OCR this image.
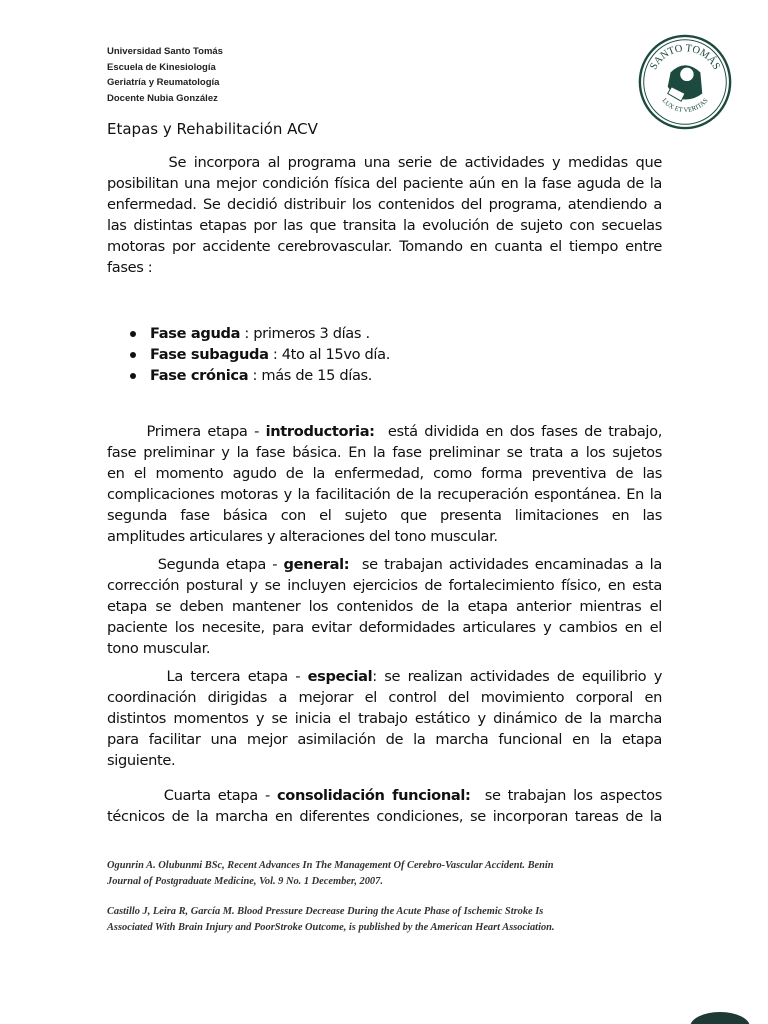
Universidad Santo Tomás
Escuela de Kinesiología
Geriatría y Reumatología
Docente Nubia González
SANTO TOMÁS
LUX ET VERITAS
Etapas y Rehabilitación ACV
Se incorpora al programa una serie de actividades y medidas que
posibilitan una mejor condición física del paciente aún en la fase aguda de la
enfermedad. Se decidió distribuir los contenidos del programa, atendiendo a
las distintas etapas por las que transita la evolución de sujeto con secuelas
motoras por accidente cerebrovascular. Tomando en cuanta el tiempo entre
fases :
Fase aguda : primeros 3 días .
Fase subaguda : 4to al 15vo día.
Fase crónica : más de 15 días.
Primera etapa - introductoria:  está dividida en dos fases de trabajo,
fase preliminar y la fase básica. En la fase preliminar se trata a los sujetos
en el momento agudo de la enfermedad, como forma preventiva de las
complicaciones motoras y la facilitación de la recuperación espontánea. En la
segunda fase básica con el sujeto que presenta limitaciones en las
amplitudes articulares y alteraciones del tono muscular.
Segunda etapa - general:  se trabajan actividades encaminadas a la
corrección postural y se incluyen ejercicios de fortalecimiento físico, en esta
etapa se deben mantener los contenidos de la etapa anterior mientras el
paciente los necesite, para evitar deformidades articulares y cambios en el
tono muscular.
La tercera etapa - especial: se realizan actividades de equilibrio y
coordinación dirigidas a mejorar el control del movimiento corporal en
distintos momentos y se inicia el trabajo estático y dinámico de la marcha
para facilitar una mejor asimilación de la marcha funcional en la etapa
siguiente.
Cuarta etapa - consolidación funcional:  se trabajan los aspectos
técnicos de la marcha en diferentes condiciones, se incorporan tareas de la
Ogunrin A. Olubunmi BSc, Recent Advances In The Management Of Cerebro-Vascular Accident. Benin
Journal of Postgraduate Medicine, Vol. 9 No. 1 December, 2007.
Castillo J, Leira R, García M. Blood Pressure Decrease During the Acute Phase of Ischemic Stroke Is
Associated With Brain Injury and PoorStroke Outcome, is published by the American Heart Association.
